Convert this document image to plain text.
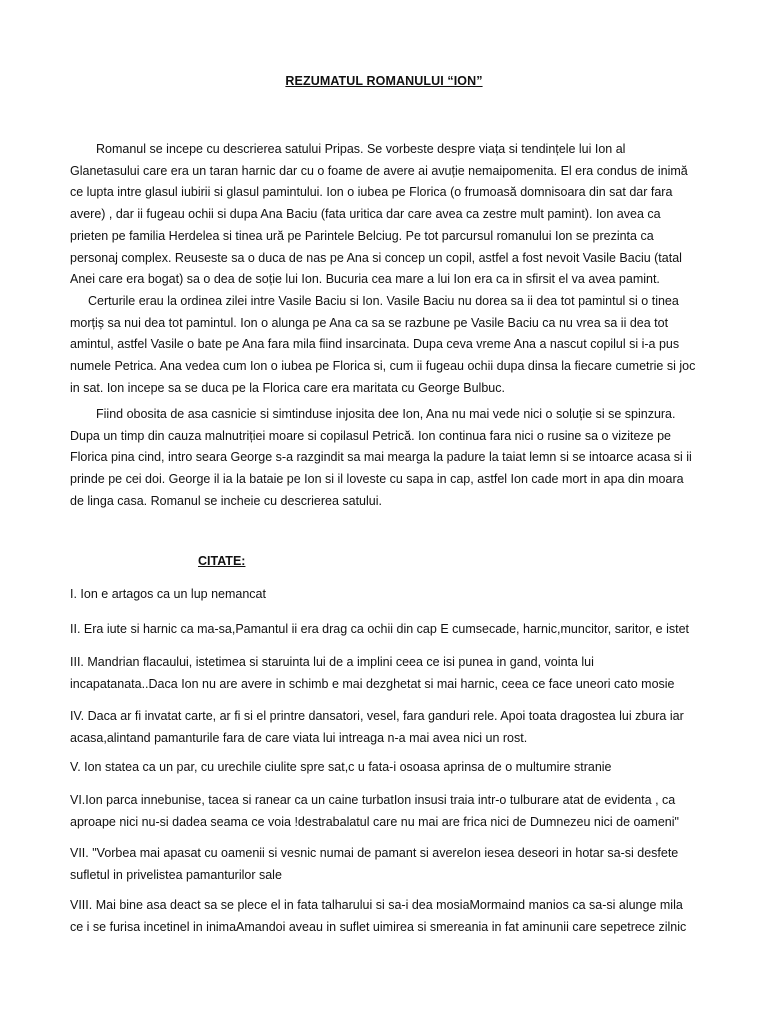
REZUMATUL ROMANULUI “ION”
Romanul se incepe cu descrierea satului Pripas. Se vorbeste despre viața si tendințele lui Ion al Glanetasului care era un taran harnic dar cu o foame de avere ai avuție nemaipomenita. El era condus de inimă ce lupta intre glasul iubirii si glasul pamintului. Ion o iubea pe Florica (o frumoasă domnisoara din sat dar fara avere) , dar ii fugeau ochii si dupa Ana Baciu (fata uritica dar care avea ca zestre mult pamint). Ion avea ca prieten pe familia Herdelea si tinea ură pe Parintele Belciug. Pe tot parcursul romanului Ion se prezinta ca personaj complex. Reuseste sa o duca de nas pe Ana si concep un copil, astfel a fost nevoit Vasile Baciu (tatal Anei care era bogat) sa o dea de soție lui Ion. Bucuria cea mare a lui Ion era ca in sfirsit el va avea pamint.
Certurile erau la ordinea zilei intre Vasile Baciu si Ion. Vasile Baciu nu dorea sa ii dea tot pamintul si o tinea morțiș sa nui dea tot pamintul. Ion o alunga pe Ana ca sa se razbune pe Vasile Baciu ca nu vrea sa ii dea tot amintul, astfel Vasile o bate pe Ana fara mila fiind insarcinata. Dupa ceva vreme Ana a nascut copilul si i-a pus numele Petrica. Ana vedea cum Ion o iubea pe Florica si, cum ii fugeau ochii dupa dinsa la fiecare cumetrie si joc in sat. Ion incepe sa se duca pe la Florica care era maritata cu George Bulbuc.
Fiind obosita de asa casnicie si simtinduse injosita dee Ion, Ana nu mai vede nici o soluție si se spinzura. Dupa un timp din cauza malnutriției moare si copilasul Petrică. Ion continua fara nici o rusine sa o viziteze pe Florica pina cind, intro seara George s-a razgindit sa mai mearga la padure la taiat lemn si se intoarce acasa si ii prinde pe cei doi. George il ia la bataie pe Ion si il loveste cu sapa in cap, astfel Ion cade mort in apa din moara de linga casa. Romanul se incheie cu descrierea satului.
CITATE:
I. Ion e artagos ca un lup nemancat
II. Era iute si harnic ca ma-sa,Pamantul ii era drag ca ochii din cap E cumsecade, harnic,muncitor, saritor, e istet
III. Mandrian flacaului, istetimea si staruinta lui de a implini ceea ce isi punea in gand, vointa lui incapatanata..Daca Ion nu are avere in schimb e mai dezghetat si mai harnic, ceea ce face uneori cato mosie
IV. Daca ar fi invatat carte, ar fi si el printre dansatori, vesel, fara ganduri rele. Apoi toata dragostea lui zbura iar acasa,alintand pamanturile fara de care viata lui intreaga n-a mai avea nici un rost.
V. Ion statea ca un par, cu urechile ciulite spre sat,c u fata-i osoasa aprinsa de o multumire stranie
VI.Ion parca innebunise, tacea si ranear ca un caine turbatIon insusi traia intr-o tulburare atat de evidenta , ca aproape nici nu-si dadea seama ce voia !destrabalatul care nu mai are frica nici de Dumnezeu nici de oameni"
VII. "Vorbea mai apasat cu oamenii si vesnic numai de pamant si avereIon iesea deseori in hotar sa-si desfete sufletul in privelistea pamanturilor sale
VIII. Mai bine asa deact sa se plece el in fata talharului si sa-i dea mosiaMormaind manios ca sa-si alunge mila ce i se furisa incetinel in inimaAmandoi aveau in suflet uimirea si smereania in fat aminunii care sepetrece zilnic
